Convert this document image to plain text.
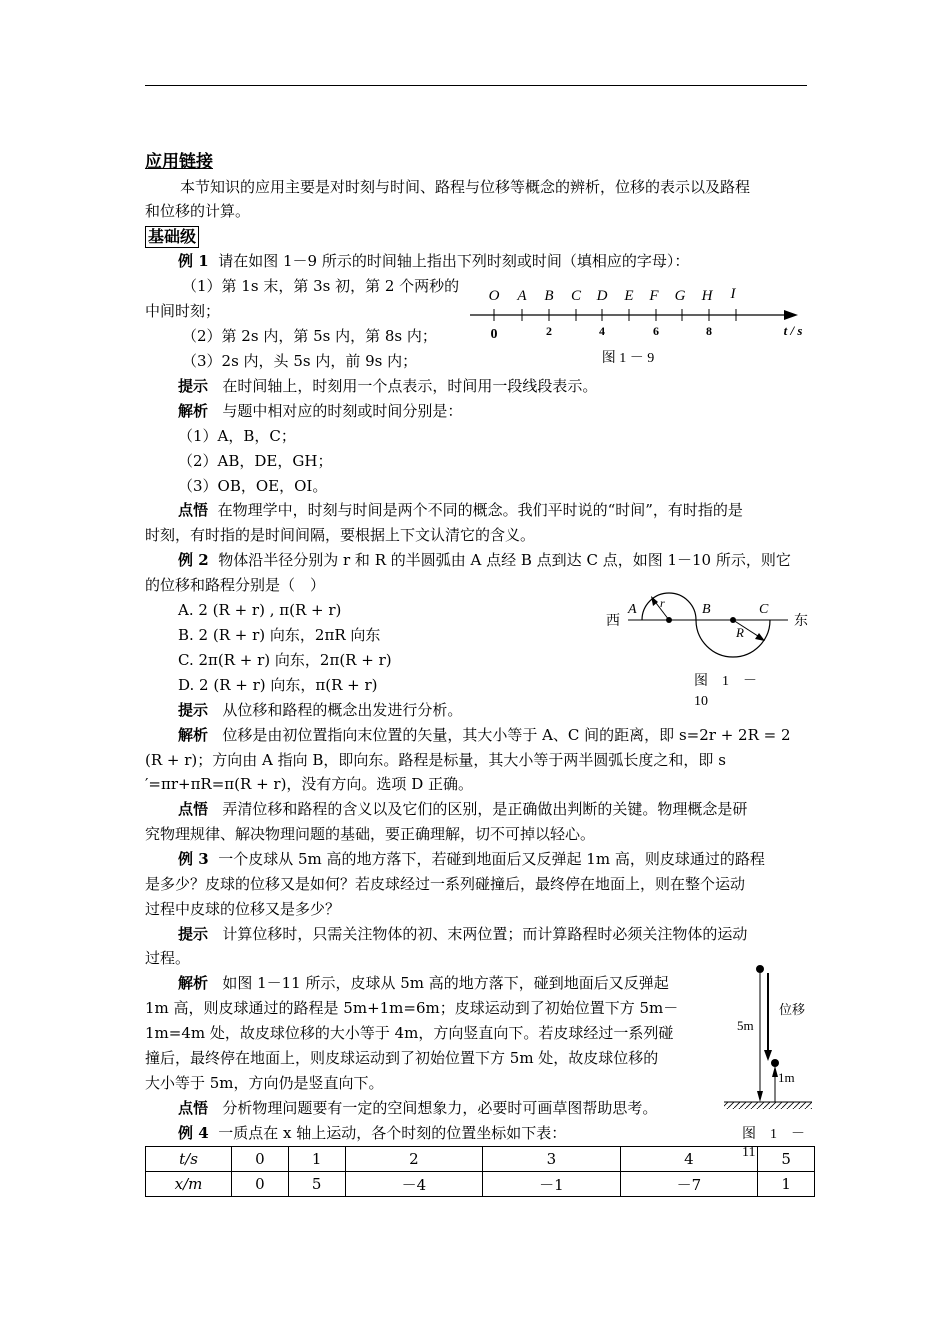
应用链接
本节知识的应用主要是对时刻与时间、路程与位移等概念的辨析，位移的表示以及路程
和位移的计算。
基础级
例 1 请在如图 1－9 所示的时间轴上指出下列时刻或时间（填相应的字母）：
（1）第 1s 末，第 3s 初，第 2 个两秒的
中间时刻；
（2）第 2s 内，第 5s 内，第 8s 内；
（3）2s 内，头 5s 内，前 9s 内；
O A B C D E F G H I
0	2	4	6	8	t / s
图 1 － 9
提示 在时间轴上，时刻用一个点表示，时间用一段线段表示。
解析 与题中相对应的时刻或时间分别是：
（1）A，B，C；
（2）AB，DE，GH；
（3）OB，OE，OI。
点悟 在物理学中，时刻与时间是两个不同的概念。我们平时说的“时间”，有时指的是
时刻，有时指的是时间间隔，要根据上下文认清它的含义。
例 2 物体沿半径分别为 r 和 R 的半圆弧由 A 点经 B 点到达 C 点，如图 1－10 所示，则它
的位移和路程分别是（　）
A. 2 (R + r) , π(R + r)
B. 2 (R + r) 向东，2πR 向东
C. 2π(R + r) 向东，2π(R + r)
D. 2 (R + r) 向东，π(R + r)
西	东
A	B	C
r
R
图　1　－
10
提示 从位移和路程的概念出发进行分析。
解析 位移是由初位置指向末位置的矢量，其大小等于 A、C 间的距离，即 s=2r + 2R = 2
(R + r)；方向由 A 指向 B，即向东。路程是标量，其大小等于两半圆弧长度之和，即 s
′=πr+πR=π(R + r)，没有方向。选项 D 正确。
点悟 弄清位移和路程的含义以及它们的区别，是正确做出判断的关键。物理概念是研
究物理规律、解决物理问题的基础，要正确理解，切不可掉以轻心。
例 3 一个皮球从 5m 高的地方落下，若碰到地面后又反弹起 1m 高，则皮球通过的路程
是多少？皮球的位移又是如何？若皮球经过一系列碰撞后，最终停在地面上，则在整个运动
过程中皮球的位移又是多少？
提示 计算位移时，只需关注物体的初、末两位置；而计算路程时必须关注物体的运动
过程。
解析 如图 1－11 所示，皮球从 5m 高的地方落下，碰到地面后又反弹起
1m 高，则皮球通过的路程是 5m+1m=6m；皮球运动到了初始位置下方 5m－
1m=4m 处，故皮球位移的大小等于 4m，方向竖直向下。若皮球经过一系列碰
撞后，最终停在地面上，则皮球运动到了初始位置下方 5m 处，故皮球位移的
大小等于 5m，方向仍是竖直向下。
点悟 分析物理问题要有一定的空间想象力，必要时可画草图帮助思考。
5m
1m
位移
图　1　－
11
例 4 一质点在 x 轴上运动，各个时刻的位置坐标如下表：
t/s	0	1	2	3	4	5
x/m	0	5	－4	－1	－7	1
